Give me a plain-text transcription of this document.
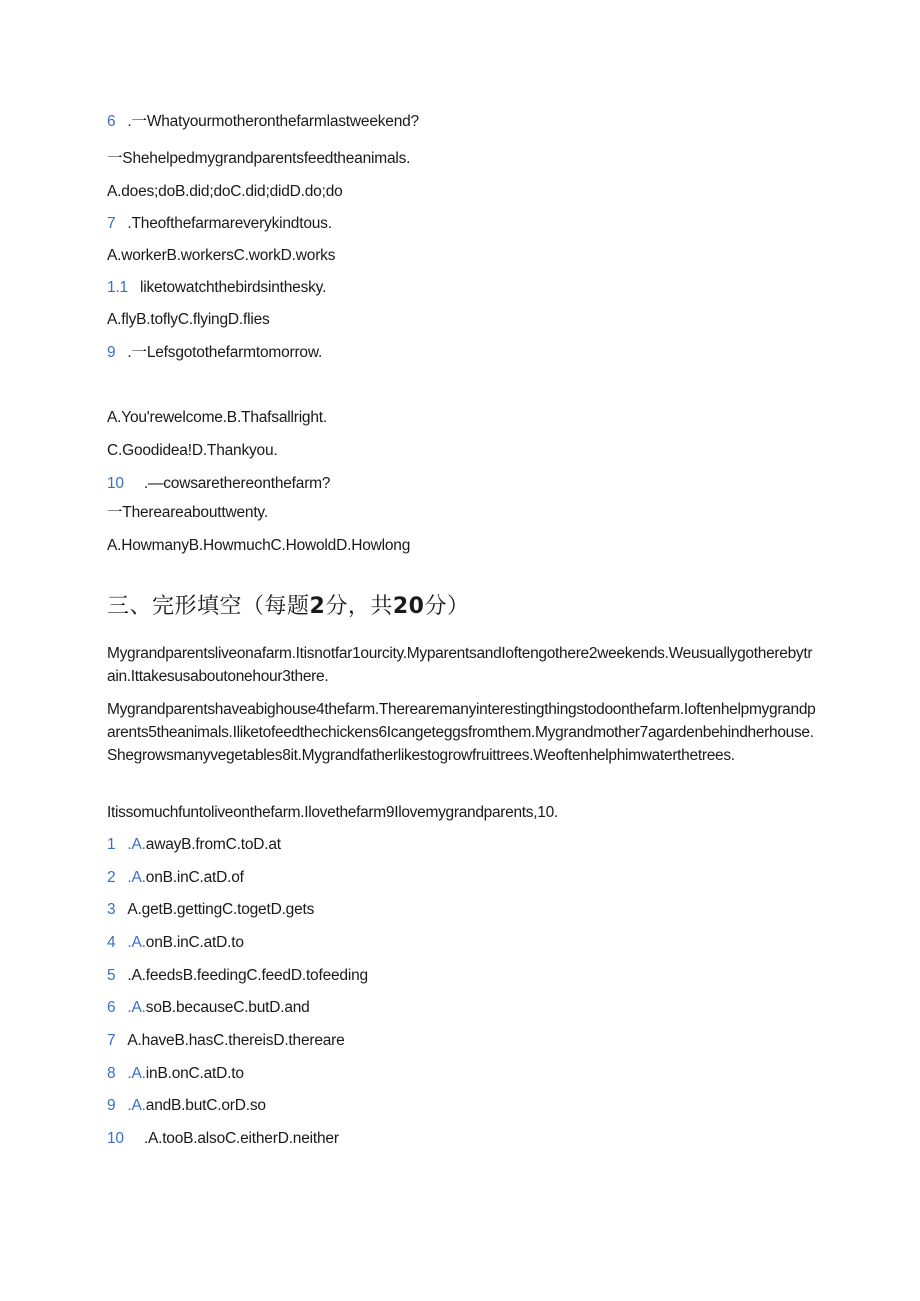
6 .一Whatyourmotheronthefarmlastweekend?
一Shehelpedmygrandparentsfeedtheanimals.
A.does;doB.did;doC.did;didD.do;do
7 .Theofthefarmareverykindtous.
A.workerB.workersC.workD.works
1.1 liketowatchthebirdsinthesky.
A.flyB.toflyC.flyingD.flies
9 .一Lefsgotothefarmtomorrow.
A.You'rewelcome.B.Thafsallright.
C.Goodidea!D.Thankyou.
10 .—cowsarethereonthefarm?
一Thereareabouttwenty.
A.HowmanyB.HowmuchC.HowoldD.Howlong
三、完形填空（每题2分，共20分）
Mygrandparentsliveonafarm.Itisnotfar1ourcity.MyparentsandIoftengothere2weekends.Weusuallygotherebytrain.Ittakesusaboutonehour3there.
Mygrandparentshaveabighouse4thefarm.Therearemanyinterestingthingstodoonthefarm.Ioftenhelpmygrandparents5theanimals.Iliketofeedthechickens6Icangeteggsfromthem.Mygrandmother7agardenbehindherhouse.Shegrowsmanyvegetables8it.Mygrandfatherlikestogrowfruittrees.Weoftenhelphimwaterthetrees.
Itissomuchfuntoliveonthefarm.Ilovethefarm9Ilovemygrandparents,10.
1 .A.awayB.fromC.toD.at
2 .A.onB.inC.atD.of
3 A.getB.gettingC.togetD.gets
4 .A.onB.inC.atD.to
5 .A.feedsB.feedingC.feedD.tofeeding
6 .A.soB.becauseC.butD.and
7 A.haveB.hasC.thereisD.thereare
8 .A.inB.onC.atD.to
9 .A.andB.butC.orD.so
10 .A.tooB.alsoC.eitherD.neither
